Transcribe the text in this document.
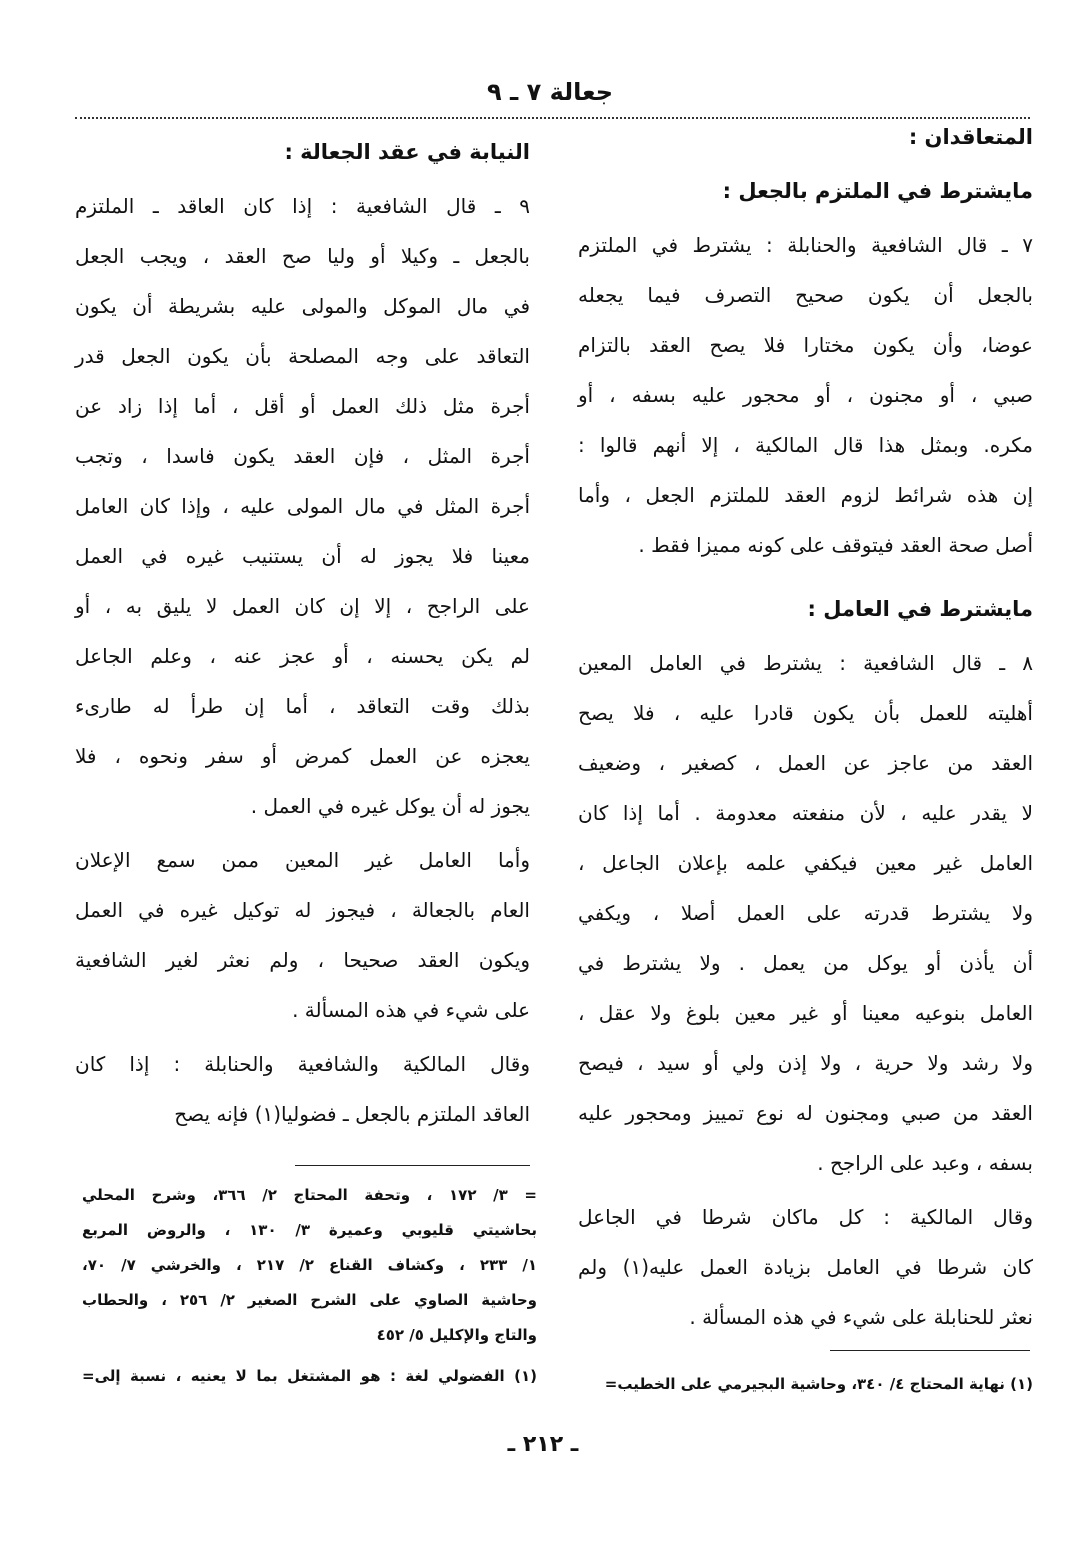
جعالة ٧ ـ ٩
المتعاقدان :
مايشترط في الملتزم بالجعل :
٧ ـ قال الشافعية والحنابلة : يشترط في الملتزم
بالجعل أن يكون صحيح التصرف فيما يجعله
عوضا، وأن يكون مختارا فلا يصح العقد بالتزام
صبي ، أو مجنون ، أو محجور عليه بسفه ، أو
مكره. وبمثل هذا قال المالكية ، إلا أنهم قالوا :
إن هذه شرائط لزوم العقد للملتزم الجعل ، وأما
أصل صحة العقد فيتوقف على كونه مميزا فقط .
مايشترط في العامل :
٨ ـ قال الشافعية : يشترط في العامل المعين
أهليته للعمل بأن يكون قادرا عليه ، فلا يصح
العقد من عاجز عن العمل ، كصغير ، وضعيف
لا يقدر عليه ، لأن منفعته معدومة . أما إذا كان
العامل غير معين فيكفي علمه بإعلان الجاعل ،
ولا يشترط قدرته على العمل أصلا ، ويكفي
أن يأذن أو يوكل من يعمل . ولا يشترط في
العامل بنوعيه معينا أو غير معين بلوغ ولا عقل ،
ولا رشد ولا حرية ، ولا إذن ولي أو سيد ، فيصح
العقد من صبي ومجنون له نوع تمييز ومحجور عليه
بسفه ، وعبد على الراجح .
وقال المالكية : كل ماكان شرطا في الجاعل
كان شرطا في العامل بزيادة العمل عليه(١) ولم
نعثر للحنابلة على شيء في هذه المسألة .
النيابة في عقد الجعالة :
٩ ـ قال الشافعية : إذا كان العاقد ـ الملتزم
بالجعل ـ وكيلا أو وليا صح العقد ، ويجب الجعل
في مال الموكل والمولى عليه بشريطة أن يكون
التعاقد على وجه المصلحة بأن يكون الجعل قدر
أجرة مثل ذلك العمل أو أقل ، أما إذا زاد عن
أجرة المثل ، فإن العقد يكون فاسدا ، وتجب
أجرة المثل في مال المولى عليه ، وإذا كان العامل
معينا فلا يجوز له أن يستنيب غيره في العمل
على الراجح ، إلا إن كان العمل لا يليق به ، أو
لم يكن يحسنه ، أو عجز عنه ، وعلم الجاعل
بذلك وقت التعاقد ، أما إن طرأ له طارىء
يعجزه عن العمل كمرض أو سفر ونحوه ، فلا
يجوز له أن يوكل غيره في العمل .
وأما العامل غير المعين ممن سمع الإعلان
العام بالجعالة ، فيجوز له توكيل غيره في العمل
ويكون العقد صحيحا ، ولم نعثر لغير الشافعية
على شيء في هذه المسألة .
وقال المالكية والشافعية والحنابلة : إذا كان
العاقد الملتزم بالجعل ـ فضوليا(١) فإنه يصح
(١) نهاية المحتاج ٤/ ٣٤٠، وحاشية البجيرمي على الخطيب=
= ٣/ ١٧٢ ، وتحفة المحتاج ٢/ ٣٦٦، وشرح المحلي
بحاشيتي قليوبي وعميرة ٣/ ١٣٠ ، والروض المربع
١/ ٢٣٣ ، وكشاف القناع ٢/ ٢١٧ ، والخرشي ٧/ ٧٠،
وحاشية الصاوي على الشرح الصغير ٢/ ٢٥٦ ، والحطاب
والتاج والإكليل ٥/ ٤٥٢
(١) الفضولي لغة : هو المشتغل بما لا يعنيه ، نسبة إلى=
ـ ٢١٢ ـ
